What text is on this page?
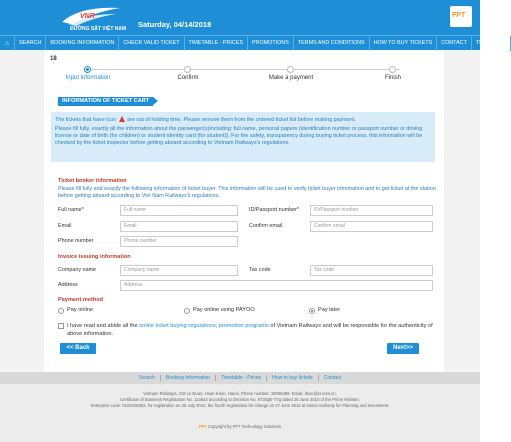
VNR
ĐƯỜNG SẮT VIỆT NAM Saturday, 04/14/2018
FPT
⌂	SEARCH	BOOKING INFORMATION	CHECK VALID TICKET	TIMETABLE - PRICES	PROMOTIONS	TERMS AND CONDITIONS	HOW TO BUY TICKETS	CONTACT	TIẾNG VIỆT
18
Input information	Confirm	Make a payment	Finish
INFORMATION OF TICKET CART

The tickets that have icon are out of holding time. Please remove them from the ordered ticket list before making payment.

Please fill fully, exactly all the information about the passenger(s)including: full name, personal papers (identification number or passport number or driving license or date of birth (for children) or student identity card (for student)). For the safety, transparency during buying ticket process, this information will be checked by the ticket inspector before getting aboard according to Vietnam Railways's regulations.

Ticket booker information
Please fill fully and exactly the following information of ticket buyer. This information will be used to verify ticket buyer information and to get ticket at the station before getting aboard according to Viet Nam Railways's regulations.
Full name*	Full name	ID/Passport number*	ID/Passport number
Email	Email	Confirm email	Confirm email
Phone number	Phone number
Invoice issuing information
Company name	Company name	Tax code	Tax code
Address	Address
Payment method
Pay online	Pay online using PAYOO	Pay later
I have read and abide all the online ticket buying regulations, promotion programs of Vietnam Railways and will be responsible for the authenticity of above information.
<< Back	Next>>
Search	Booking information	Timetable - Prices	How to buy tickets	Contact
Vietnam Railways, 118 Le Duan, Hoan Kiem, Hanoi. Phone number: 19006469. Email: dsvn@vr.com.vn.
Certificate of Business Registration No. 113642 according to Decision No. 973/QĐ-TTg dated 25 June 2010 of the Prime Minister.
Enterprise code: 0100105052, for registration on 26 July 2010, the fourth registration for change on 27 June 2014 at Hanoi Authority for Planning and Investment.
FPT Copyright by FPT Technology Solutions
